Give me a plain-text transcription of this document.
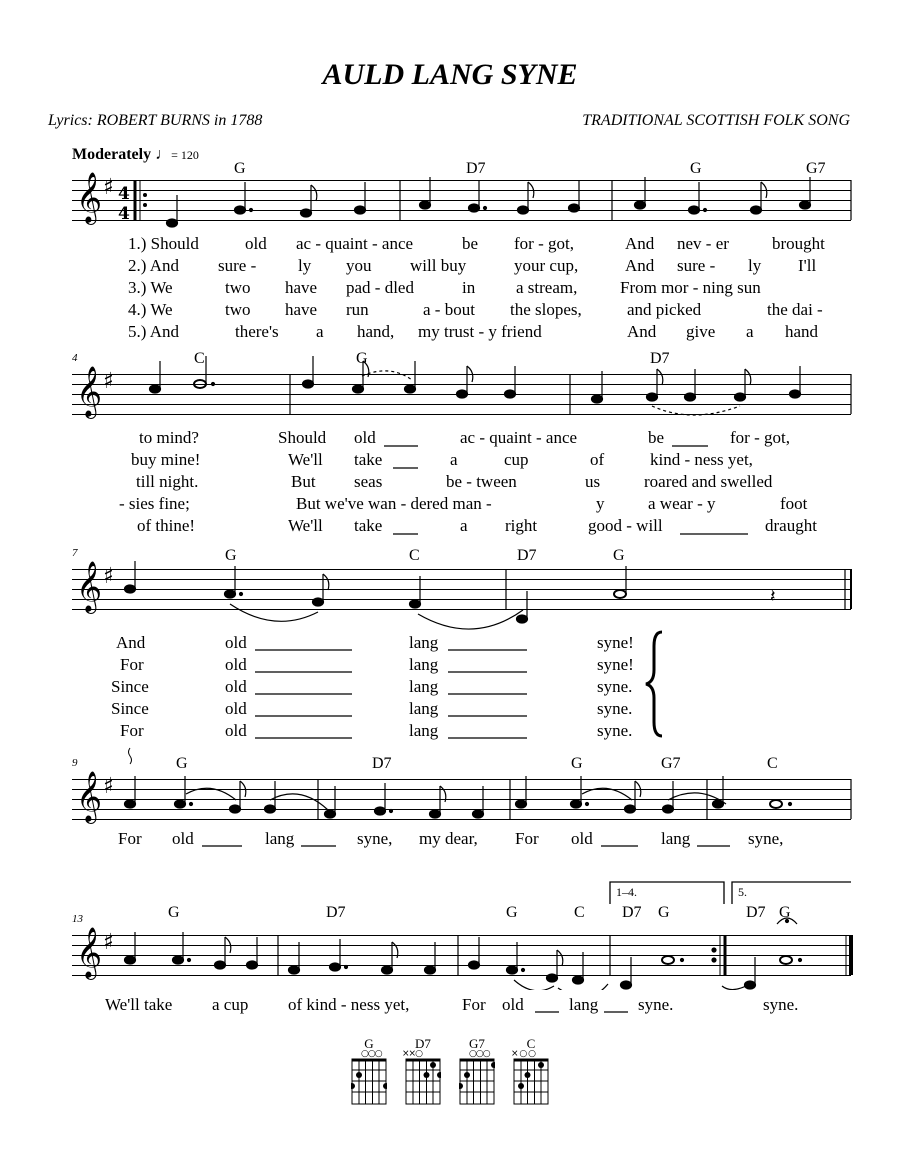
AULD LANG SYNE
Lyrics: ROBERT BURNS in 1788	TRADITIONAL SCOTTISH FOLK SONG
Moderately ♩= 120
𝄞 ♯ 4
4
G	D7	G	G7
1.) Should	old ac - quaint - ance	be for - got,	And nev - er	brought
2.) And sure - ly you will buy	your cup,	And sure - ly I'll
3.) We	two have pad - dled	in a stream,	From mor - ning sun
4.) We	two have run	a - bout the slopes,	and picked	the dai -
5.) And	there's a hand, my trust - y friend	And give a hand
4
𝄞 ♯
C	G	D7
to mind?	Should old	ac - quaint - ance	be	for - got,
buy mine!	We'll take	a	cup	of	kind - ness yet,
till night.	But seas	be - tween	us	roared and swelled
- sies fine;	But we've wan - dered man -	y	a wear - y	foot
of thine!	We'll take	a right	good - will	draught
7
𝄞 ♯
𝄽
G	C	D7	G
And	old	lang	syne!
For	old	lang	syne!
Since	old	lang	syne.
Since	old	lang	syne.
For	old	lang	syne.
9
𝄞 ♯
G	D7	G	G7	C
For old	lang	syne, my dear, For old	lang	syne,
13
1–4.	5.
𝄞 ♯
G	D7	G	C D7 G	D7 G
We'll take a cup of kind - ness yet,	For old	lang syne.	syne.
G
○○○
D7
××○
G7
○○○
C
× ○ ○
